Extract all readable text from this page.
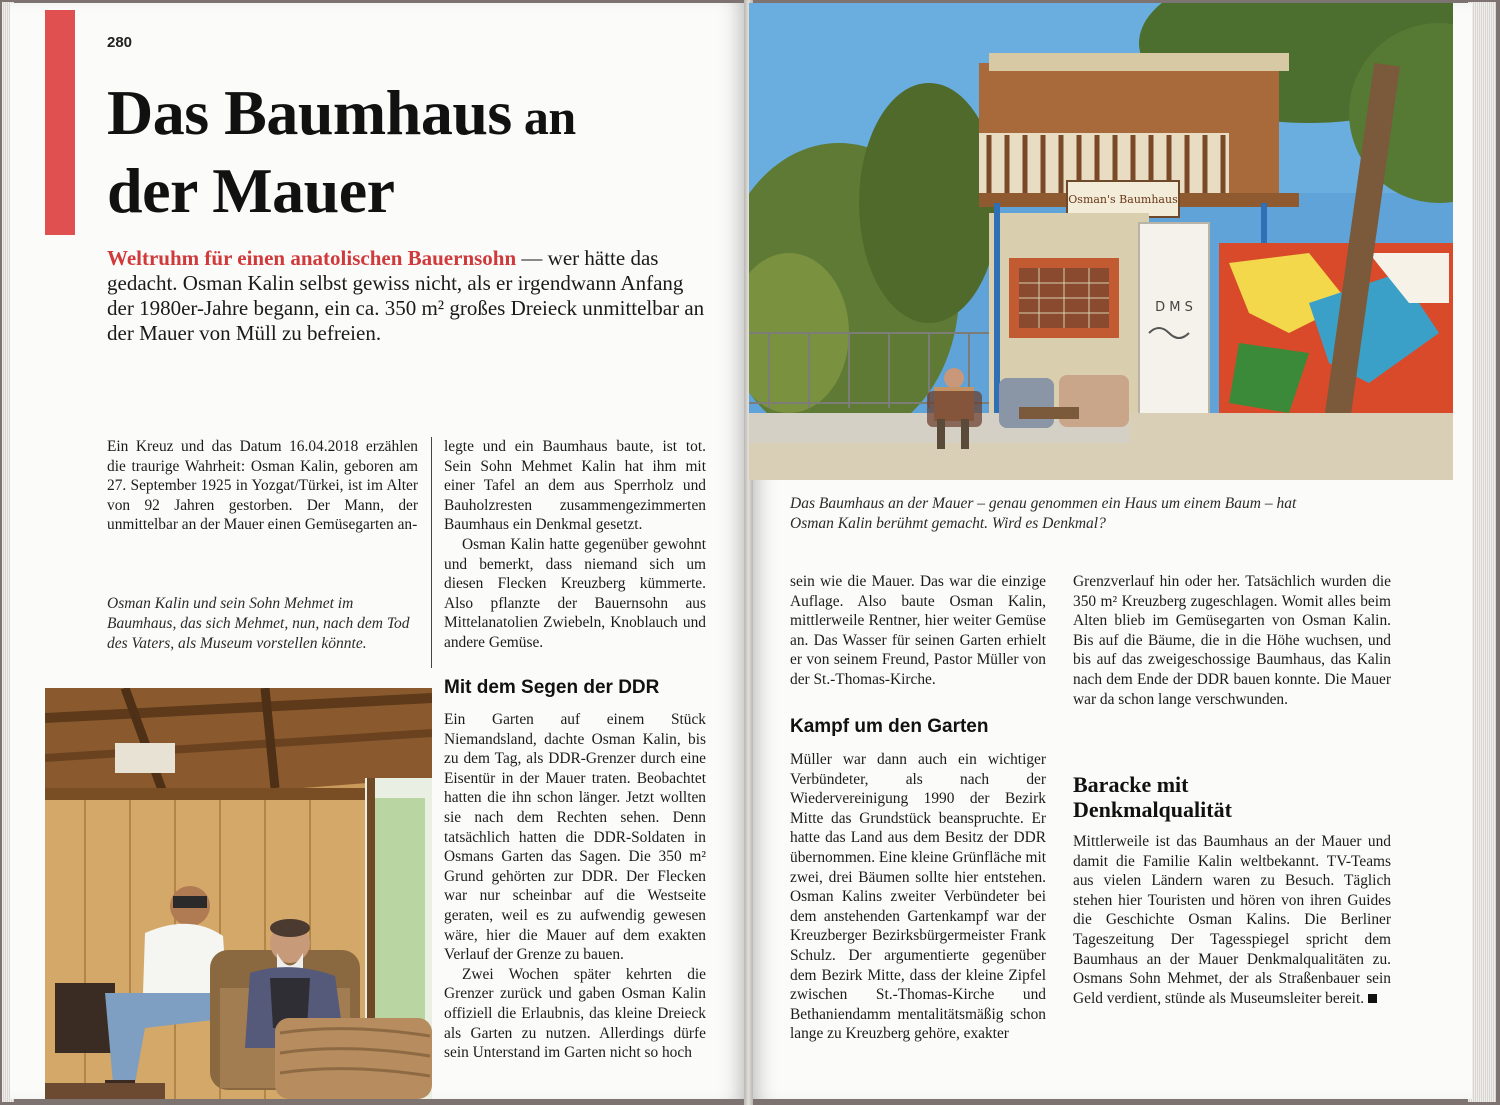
280
Das Baumhaus an
der Mauer
Weltruhm für einen anatolischen Bauernsohn — wer hätte das gedacht. Osman Kalin selbst gewiss nicht, als er irgendwann Anfang der 1980er-Jahre begann, ein ca. 350 m² großes Dreieck unmittelbar an der Mauer von Müll zu befreien.

Ein Kreuz und das Datum 16.04.2018 erzählen die traurige Wahrheit: Osman Kalin, geboren am 27. September 1925 in Yozgat/Türkei, ist im Alter von 92 Jahren gestorben. Der Mann, der unmittelbar an der Mauer einen Gemüsegarten an-

Osman Kalin und sein Sohn Mehmet im Baumhaus, das sich Mehmet, nun, nach dem Tod des Vaters, als Museum vorstellen könnte.

legte und ein Baumhaus baute, ist tot. Sein Sohn Mehmet Kalin hat ihm mit einer Tafel an dem aus Sperrholz und Bauholzresten zusammengezimmerten Baumhaus ein Denkmal gesetzt.

Osman Kalin hatte gegenüber gewohnt und bemerkt, dass niemand sich um diesen Flecken Kreuzberg kümmerte. Also pflanzte der Bauernsohn aus Mittelanatolien Zwiebeln, Knoblauch und andere Gemüse.

Mit dem Segen der DDR

Ein Garten auf einem Stück Niemandsland, dachte Osman Kalin, bis zu dem Tag, als DDR-Grenzer durch eine Eisentür in der Mauer traten. Beobachtet hatten die ihn schon länger. Jetzt wollten sie nach dem Rechten sehen. Denn tatsächlich hatten die DDR-Soldaten in Osmans Garten das Sagen. Die 350 m² Grund gehörten zur DDR. Der Flecken war nur scheinbar auf die Westseite geraten, weil es zu aufwendig gewesen wäre, hier die Mauer auf dem exakten Verlauf der Grenze zu bauen.

Zwei Wochen später kehrten die Grenzer zurück und gaben Osman Kalin offiziell die Erlaubnis, das kleine Dreieck als Garten zu nutzen. Allerdings dürfe sein Unterstand im Garten nicht so hoch

Osman's Baumhaus
D M S
Das Baumhaus an der Mauer – genau genommen ein Haus um einem Baum – hat Osman Kalin berühmt gemacht. Wird es Denkmal?

sein wie die Mauer. Das war die einzige Auflage. Also baute Osman Kalin, mittlerweile Rentner, hier weiter Gemüse an. Das Wasser für seinen Garten erhielt er von seinem Freund, Pastor Müller von der St.-Thomas-Kirche.

Kampf um den Garten

Müller war dann auch ein wichtiger Verbündeter, als nach der Wiedervereinigung 1990 der Bezirk Mitte das Grundstück beanspruchte. Er hatte das Land aus dem Besitz der DDR übernommen. Eine kleine Grünfläche mit zwei, drei Bäumen sollte hier entstehen. Osman Kalins zweiter Verbündeter bei dem anstehenden Gartenkampf war der Kreuzberger Bezirksbürgermeister Frank Schulz. Der argumentierte gegenüber dem Bezirk Mitte, dass der kleine Zipfel zwischen St.-Thomas-Kirche und Bethaniendamm mentalitätsmäßig schon lange zu Kreuzberg gehöre, exakter

Grenzverlauf hin oder her. Tatsächlich wurden die 350 m² Kreuzberg zugeschlagen. Womit alles beim Alten blieb im Gemüsegarten von Osman Kalin. Bis auf die Bäume, die in die Höhe wuchsen, und bis auf das zweigeschossige Baumhaus, das Kalin nach dem Ende der DDR bauen konnte. Die Mauer war da schon lange verschwunden.

Baracke mit
Denkmalqualität

Mittlerweile ist das Baumhaus an der Mauer und damit die Familie Kalin weltbekannt. TV-Teams aus vielen Ländern waren zu Besuch. Täglich stehen hier Touristen und hören von ihren Guides die Geschichte Osman Kalins. Die Berliner Tageszeitung Der Tagesspiegel spricht dem Baumhaus an der Mauer Denkmalqualitäten zu. Osmans Sohn Mehmet, der als Straßenbauer sein Geld verdient, stünde als Museumsleiter bereit.
